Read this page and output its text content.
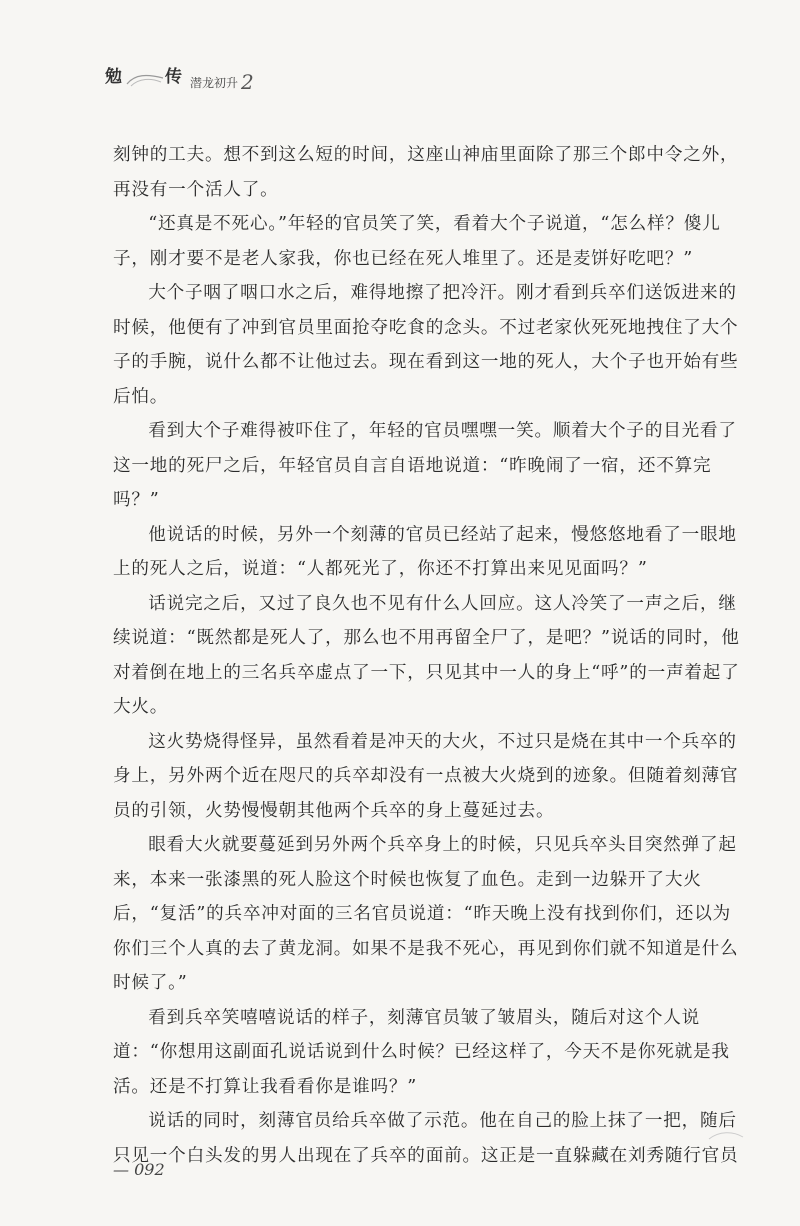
勉	传 潜龙初升 2

刻钟的工夫。想不到这么短的时间，这座山神庙里面除了那三个郎中令之外，再没有一个活人了。

“还真是不死心。”年轻的官员笑了笑，看着大个子说道，“怎么样？傻儿子，刚才要不是老人家我，你也已经在死人堆里了。还是麦饼好吃吧？”

大个子咽了咽口水之后，难得地擦了把冷汗。刚才看到兵卒们送饭进来的时候，他便有了冲到官员里面抢夺吃食的念头。不过老家伙死死地拽住了大个子的手腕，说什么都不让他过去。现在看到这一地的死人，大个子也开始有些后怕。

看到大个子难得被吓住了，年轻的官员嘿嘿一笑。顺着大个子的目光看了这一地的死尸之后，年轻官员自言自语地说道：“昨晚闹了一宿，还不算完吗？”

他说话的时候，另外一个刻薄的官员已经站了起来，慢悠悠地看了一眼地上的死人之后，说道：“人都死光了，你还不打算出来见见面吗？”

话说完之后，又过了良久也不见有什么人回应。这人冷笑了一声之后，继续说道：“既然都是死人了，那么也不用再留全尸了，是吧？”说话的同时，他对着倒在地上的三名兵卒虚点了一下，只见其中一人的身上“呼”的一声着起了大火。

这火势烧得怪异，虽然看着是冲天的大火，不过只是烧在其中一个兵卒的身上，另外两个近在咫尺的兵卒却没有一点被大火烧到的迹象。但随着刻薄官员的引领，火势慢慢朝其他两个兵卒的身上蔓延过去。

眼看大火就要蔓延到另外两个兵卒身上的时候，只见兵卒头目突然弹了起来，本来一张漆黑的死人脸这个时候也恢复了血色。走到一边躲开了大火后，“复活”的兵卒冲对面的三名官员说道：“昨天晚上没有找到你们，还以为你们三个人真的去了黄龙洞。如果不是我不死心，再见到你们就不知道是什么时候了。”

看到兵卒笑嘻嘻说话的样子，刻薄官员皱了皱眉头，随后对这个人说道：“你想用这副面孔说话说到什么时候？已经这样了，今天不是你死就是我活。还是不打算让我看看你是谁吗？”

说话的同时，刻薄官员给兵卒做了示范。他在自己的脸上抹了一把，随后只见一个白头发的男人出现在了兵卒的面前。这正是一直躲藏在刘秀随行官员

— 092
